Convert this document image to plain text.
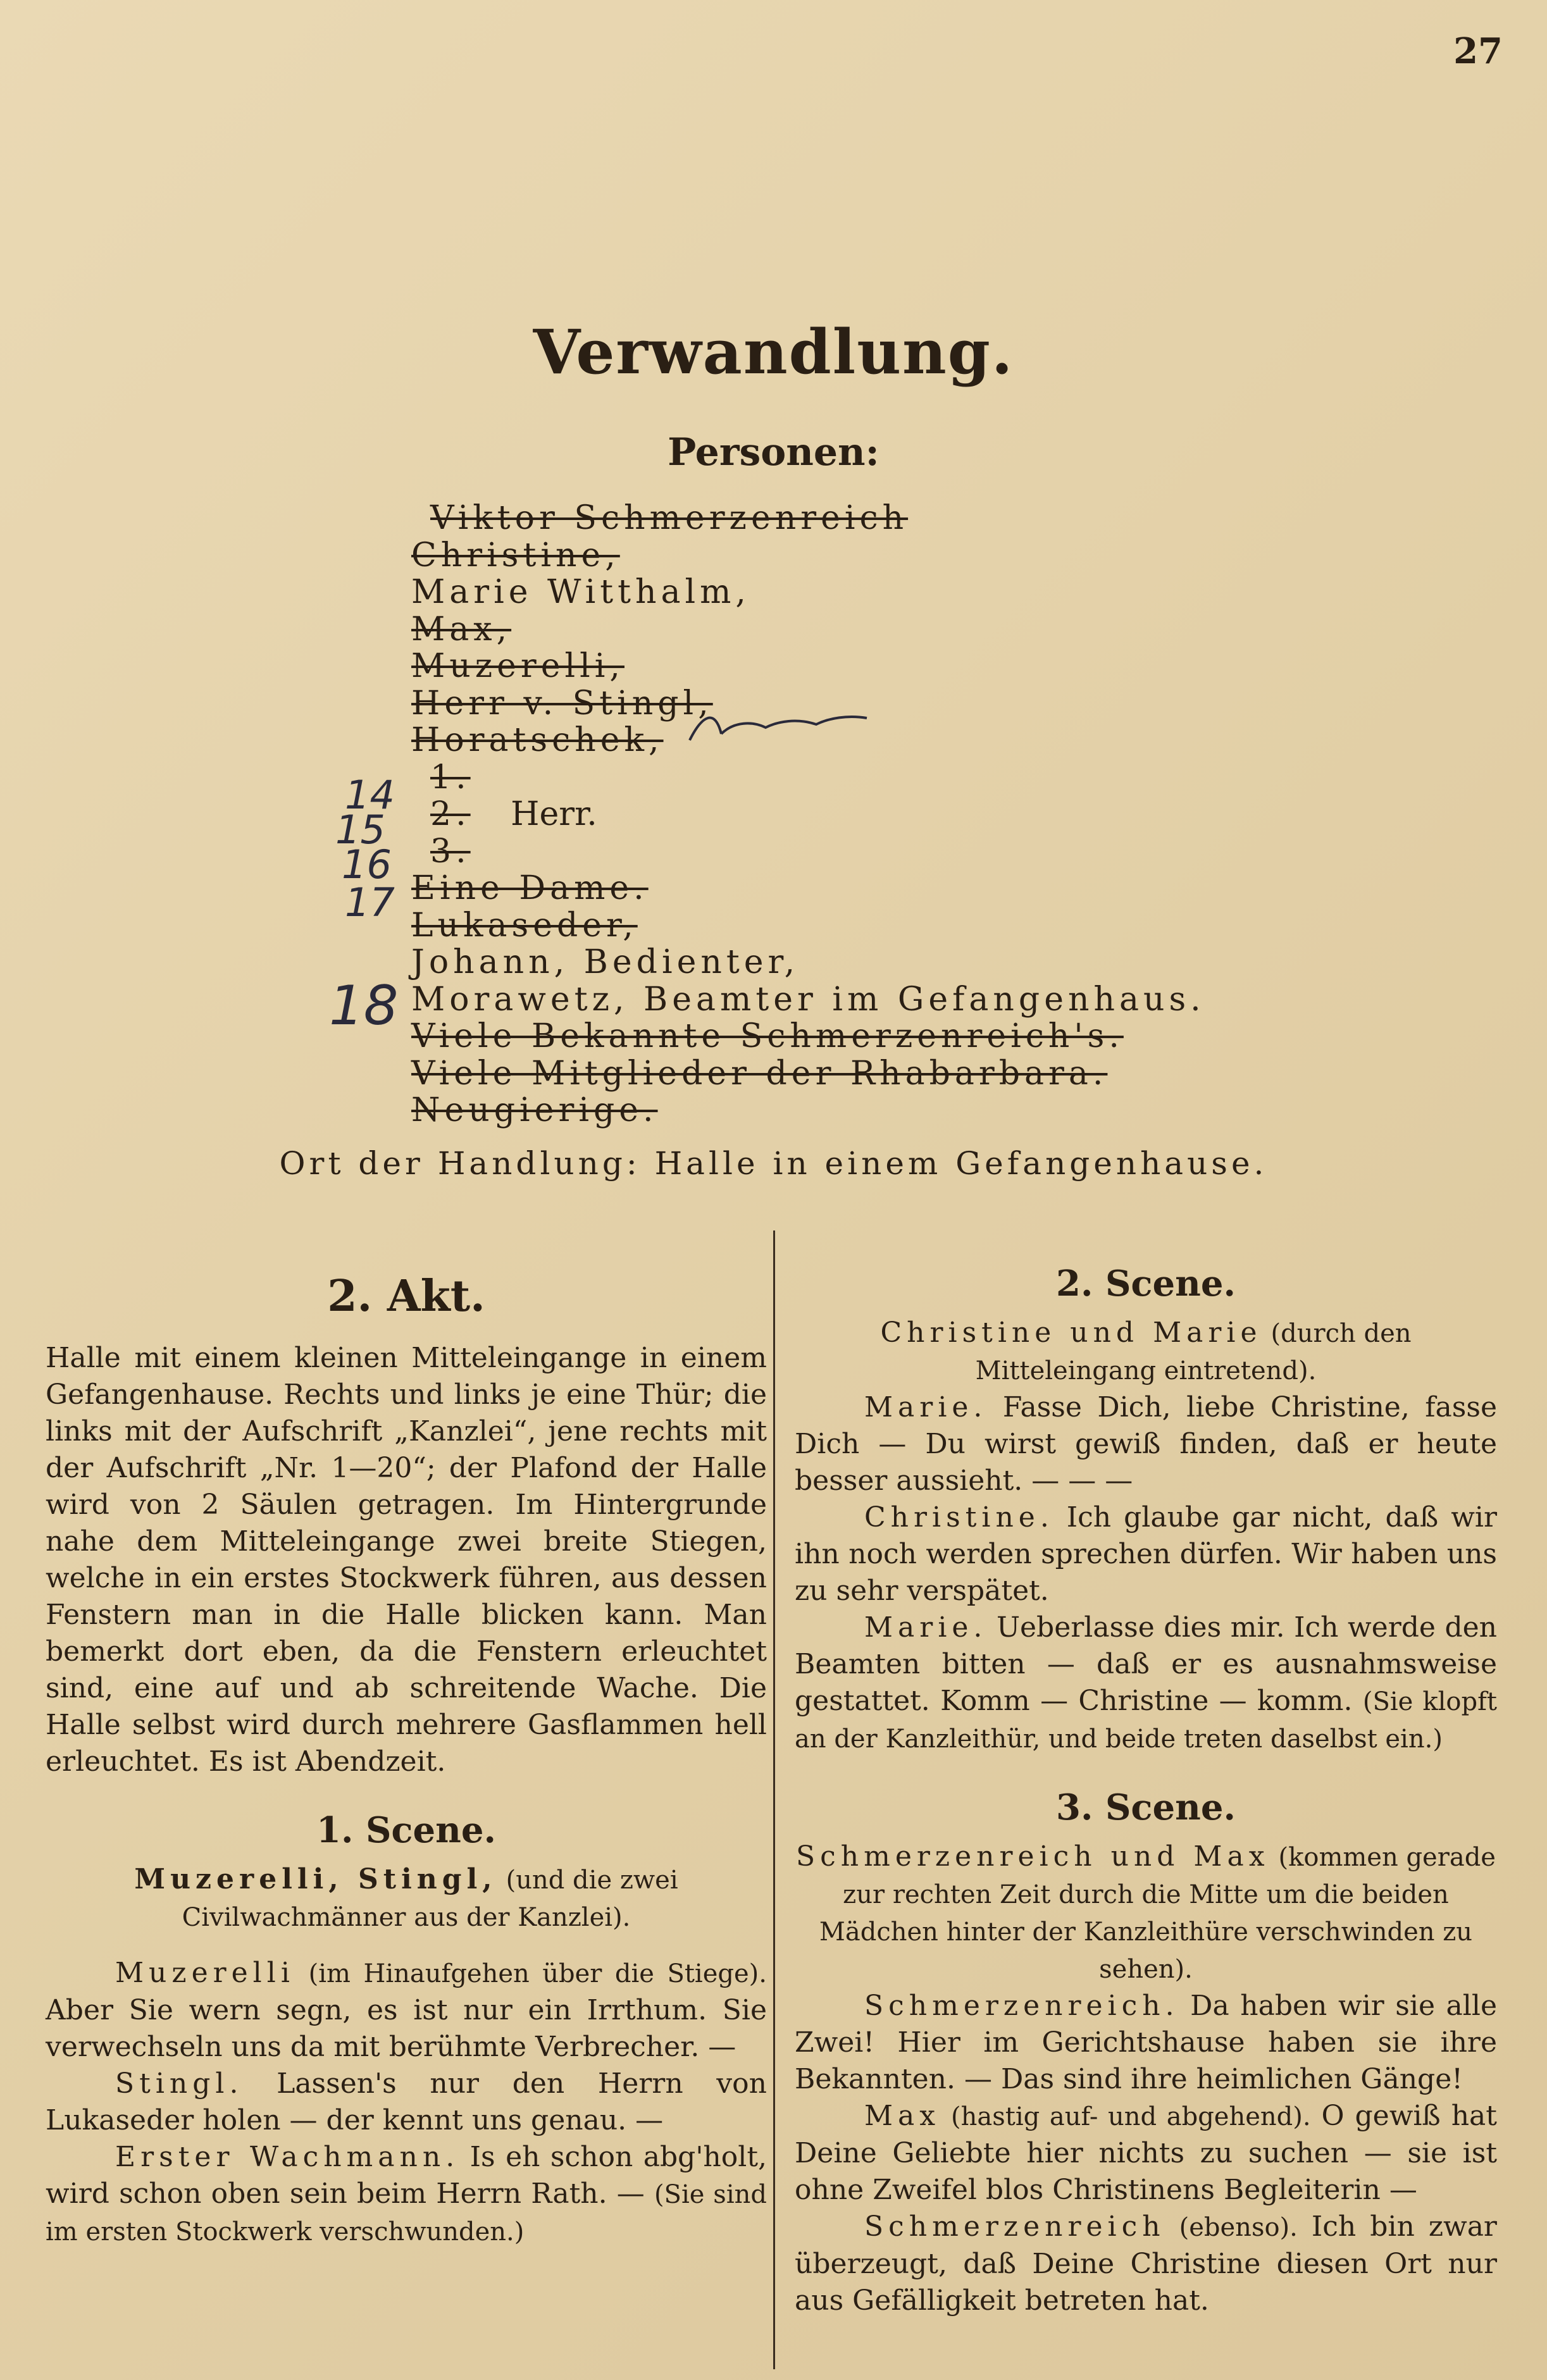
27
Verwandlung.
Personen:
Viktor Schmerzenreich
Christine,
Marie Witthalm,
Max,
Muzerelli,
Herr v. Stingl,
Horatschek,
1.
2. Herr.
3.
Eine Dame.
Lukaseder,
Johann, Bedienter,
Morawetz, Beamter im Gefangenhaus.
Viele Bekannte Schmerzenreich's.
Viele Mitglieder der Rhabarbara.
Neugierige.
14
15
16
17
18
Ort der Handlung: Halle in einem Gefangenhause.
2. Akt.

Halle mit einem kleinen Mitteleingange in einem Gefangenhause. Rechts und links je eine Thür; die links mit der Aufschrift „Kanzlei“, jene rechts mit der Aufschrift „Nr. 1—20“; der Plafond der Halle wird von 2 Säulen getragen. Im Hintergrunde nahe dem Mitteleingange zwei breite Stiegen, welche in ein erstes Stockwerk führen, aus dessen Fenstern man in die Halle blicken kann. Man bemerkt dort eben, da die Fenstern erleuchtet sind, eine auf und ab schreitende Wache. Die Halle selbst wird durch mehrere Gasflammen hell erleuchtet. Es ist Abendzeit.

1. Scene.

Muzerelli, Stingl, (und die zwei Civilwachmänner aus der Kanzlei).

Muzerelli (im Hinaufgehen über die Stiege). Aber Sie wern segn, es ist nur ein Irrthum. Sie verwechseln uns da mit berühmte Verbrecher. —

Stingl. Lassen's nur den Herrn von Lukaseder holen — der kennt uns genau. —

Erster Wachmann. Is eh schon abg'holt, wird schon oben sein beim Herrn Rath. — (Sie sind im ersten Stockwerk verschwunden.)

2. Scene.

Christine und Marie (durch den Mitteleingang eintretend).

Marie. Fasse Dich, liebe Christine, fasse Dich — Du wirst gewiß finden, daß er heute besser aussieht. — — —

Christine. Ich glaube gar nicht, daß wir ihn noch werden sprechen dürfen. Wir haben uns zu sehr verspätet.

Marie. Ueberlasse dies mir. Ich werde den Beamten bitten — daß er es ausnahmsweise gestattet. Komm — Christine — komm. (Sie klopft an der Kanzleithür, und beide treten daselbst ein.)

3. Scene.

Schmerzenreich und Max (kommen gerade zur rechten Zeit durch die Mitte um die beiden Mädchen hinter der Kanzleithüre verschwinden zu sehen).

Schmerzenreich. Da haben wir sie alle Zwei! Hier im Gerichtshause haben sie ihre Bekannten. — Das sind ihre heimlichen Gänge!

Max (hastig auf- und abgehend). O gewiß hat Deine Geliebte hier nichts zu suchen — sie ist ohne Zweifel blos Christinens Begleiterin —

Schmerzenreich (ebenso). Ich bin zwar überzeugt, daß Deine Christine diesen Ort nur aus Gefälligkeit betreten hat.
